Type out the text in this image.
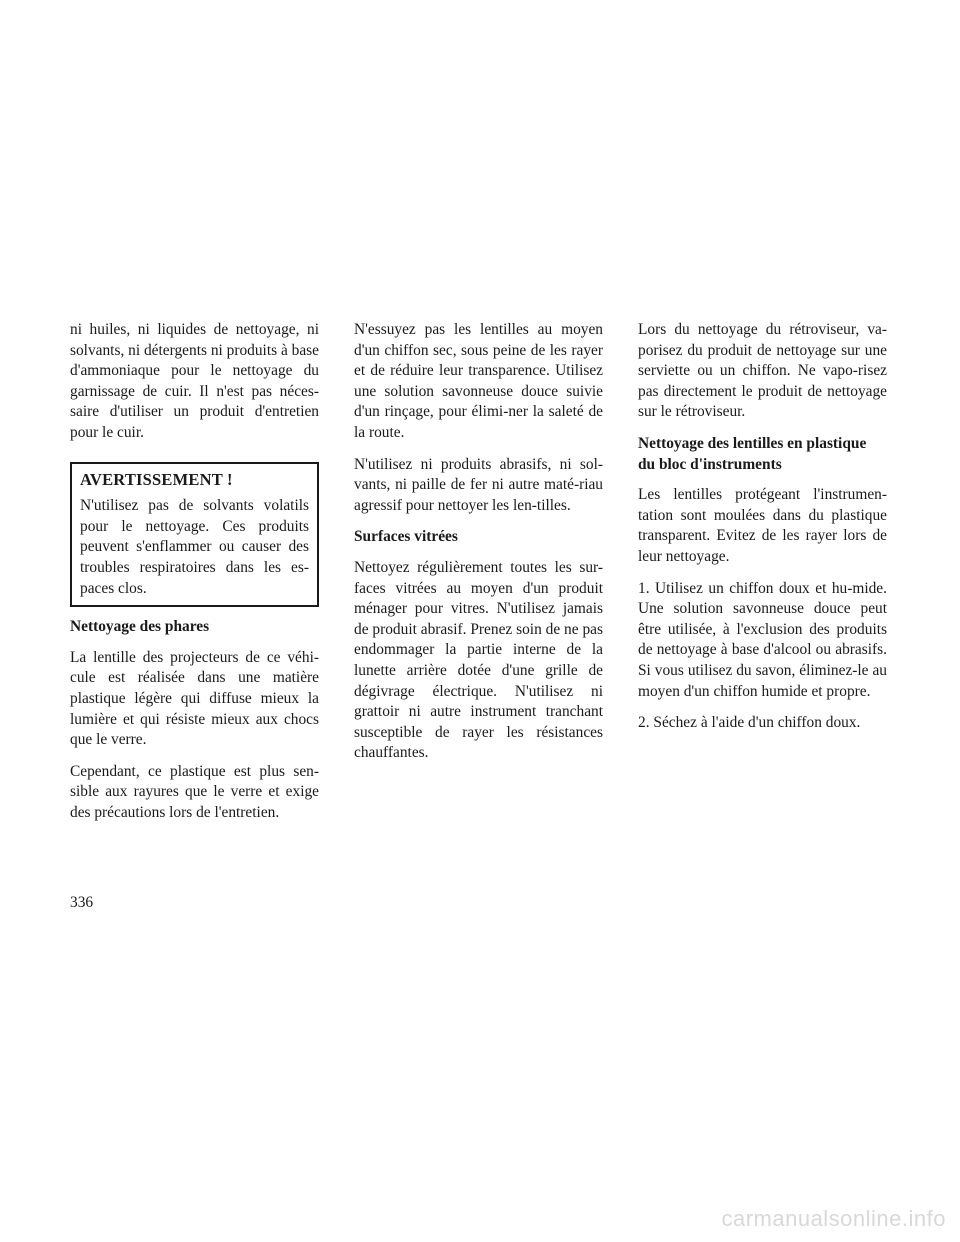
ni huiles, ni liquides de nettoyage, ni solvants, ni détergents ni produits à base d'ammoniaque pour le nettoyage du garnissage de cuir. Il n'est pas néces-saire d'utiliser un produit d'entretien pour le cuir.

AVERTISSEMENT !

N'utilisez pas de solvants volatils pour le nettoyage. Ces produits peuvent s'enflammer ou causer des troubles respiratoires dans les es-paces clos.

Nettoyage des phares

La lentille des projecteurs de ce véhi-cule est réalisée dans une matière plastique légère qui diffuse mieux la lumière et qui résiste mieux aux chocs que le verre.

Cependant, ce plastique est plus sen-sible aux rayures que le verre et exige des précautions lors de l'entretien.

N'essuyez pas les lentilles au moyen d'un chiffon sec, sous peine de les rayer et de réduire leur transparence. Utilisez une solution savonneuse douce suivie d'un rinçage, pour élimi-ner la saleté de la route.

N'utilisez ni produits abrasifs, ni sol-vants, ni paille de fer ni autre maté-riau agressif pour nettoyer les len-tilles.

Surfaces vitrées

Nettoyez régulièrement toutes les sur-faces vitrées au moyen d'un produit ménager pour vitres. N'utilisez jamais de produit abrasif. Prenez soin de ne pas endommager la partie interne de la lunette arrière dotée d'une grille de dégivrage électrique. N'utilisez ni grattoir ni autre instrument tranchant susceptible de rayer les résistances chauffantes.

Lors du nettoyage du rétroviseur, va-porisez du produit de nettoyage sur une serviette ou un chiffon. Ne vapo-risez pas directement le produit de nettoyage sur le rétroviseur.

Nettoyage des lentilles en plastique du bloc d'instruments

Les lentilles protégeant l'instrumen-tation sont moulées dans du plastique transparent. Evitez de les rayer lors de leur nettoyage.

1. Utilisez un chiffon doux et hu-mide. Une solution savonneuse douce peut être utilisée, à l'exclusion des produits de nettoyage à base d'alcool ou abrasifs. Si vous utilisez du savon, éliminez-le au moyen d'un chiffon humide et propre.

2. Séchez à l'aide d'un chiffon doux.

336
carmanualsonline.info
